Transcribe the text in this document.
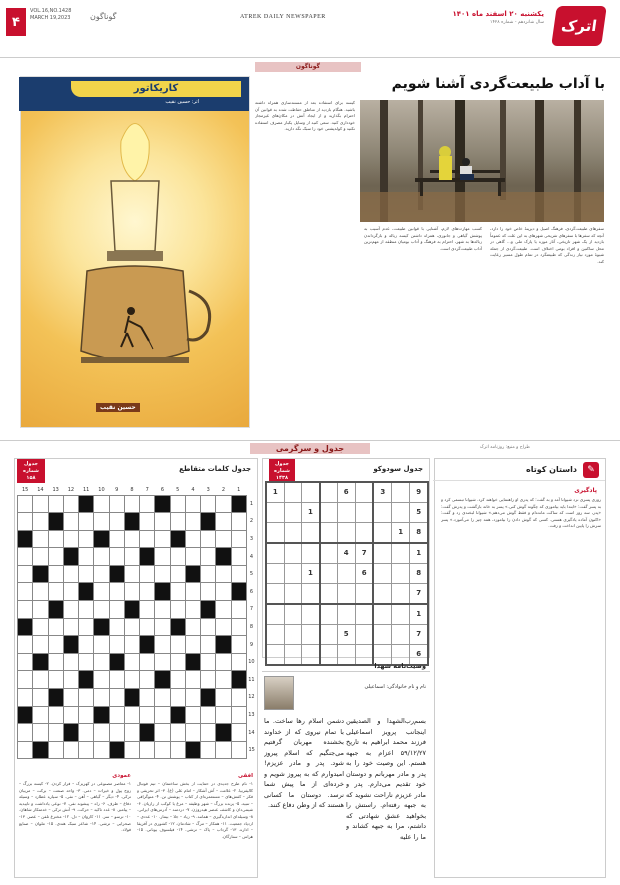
۴
VOL.16,NO.1428
MARCH 19,2023 گوناگون
اترک
یکشنبه ۲۰ اسفند ماه ۱۴۰۱
سال شانزدهم - شماره ۱۴۲۸
ATREK DAILY NEWSPAPER
گوناگون
با آداب طبیعت‌گردی آشنا شویم
سفرهای طبیعت‌گردی، فرهنگ اصیل و دیرینهٔ خاص خود را دارد، آنچه که سفرها با سفرهای تفریحی شهرهای به این علت که عموماً بازدید از یک شهر تاریخی، آثار موزه یا پارک ملی و... گاهی در محل ساکنین و افراد بومی اختلاف است. طبیعت‌گردی از جمله شیوهٔ مورد نیاز زندگی که طبیعتگرد در تمام طول مسیر رعایت کند.
کسب مهارت‌های لازم، آشنایی با قوانین طبیعت، عدم آسیب به پوشش گیاهی و جانوری، همراه داشتن کیسه زباله و بازگرداندن زباله‌ها به شهر، احترام به فرهنگ و آداب بومیان منطقه از مهم‌ترین آداب طبیعت‌گردی است.
کیسه برای استفاده بعد از مستندسازی همراه داشته باشید. هنگام بازدید از مناطق حفاظت شده به قوانین آن احترام بگذارید و از ایجاد آتش در مکان‌های غیرمجاز خودداری کنید. سعی کنید از وسایل یکبار مصرف استفاده نکنید و کوله‌پشتی خود را سبک نگه دارید.
کاریکاتور
اثر: حسین نقیب
حسین نقیب
جدول و سرگرمی	طراح و منبع: روزنامه اترک
✎
داستان کوتاه
پادگیری
روزی پسری نزد شیوانا آمد و به گفت: که پدری او راهنمایی خواهند کرد. شیوانا تبسمی کرد و به پسر گفت: «ابتدا باید بیاموزی که چگونه گوش کنی.» پسر به خانه بازگشت و پدرش گفت: «پدر، سه روز است که ساکت مانده‌ام و فقط گوش می‌دهم.» شیوانا لبخندی زد و گفت: «اکنون آماده یادگیری هستی. کسی که گوش دادن را بیاموزد، همه چیز را می‌آموزد.» پسر سرش را پایین انداخت و رفت.
جدول شماره ۱۴۳۸
جدول سودوکو
1				6		3		9
		1						5
							1	8
				4	7			1
		1			6			8
								7
								1
				5				7
								6
وصیت‌نامه شهدا
نام و نام خانوادگی: اسماعیلی
بسم‌رب‌الشهدا و الصدیقین اینجانب پرویز اسماعیلی فرزند محمد ابراهیم به تاریخ ۵۹/۱۲/۲۷ اعزام به جبهه هستم. این وصیت خود را به پدر و مادر مهربانم و دوستان خود تقدیم می‌دارم. پدر و مادر عزیزم ناراحت نشوید که به جبهه رفته‌ام. راستش را بخواهید عشق شهادتی که داشتم، مرا به جبهه کشاند و ما را علیه
دشمن اسلام رها ساخت. ما با تمام نیروی که از خداوند بخشنده مهربان گرفتیم می‌جنگیم که اسلام پیروز شود. پدر و مادر عزیزم! امیدوارم که به پیروز شویم و خرده‌ای از ما پیش شما نرسد. دوستان ما کسانی هستند که از وطن دفاع کنند.
جدول شماره ۱۵۸
جدول کلمات متقاطع
15	14	13	12	11	10	9	8	7	6	5	4	3	2	1	
															1
															2
															3
															4
															5
															6
															7
															8
															9
															10
															11
															12
															13
															14
															15
افقی
۱- نام طرح جدیدی در حمایت از بخش ساختمان – تیم فوتبال کالیفرنیا. ۲- علامت – آش آشکار – امام علی (ع). ۳- اثر تحریفی و فکر – کفش‌های – مستعمره‌ای از کتاب – پوشش تن. ۴- منوگرافی – تنبیه. ۵- پرنده بزرگ – شهر وظیفه – مرغ یا کوکب از رازیان. ۶- شیمی‌دان و کاشف عنصر هیدروژن. ۷- دردمند – آدرس‌های ایرانی. ۸- وسیله‌ای اندازه‌گیری – همانند. ۹- زیاد – جلا – بیمار. ۱۰- عددی – ازدیاد جمعیت. ۱۱- همکار – مرگ – شادمان. ۱۲- کشوری در آفریقا – اداره. ۱۳- گرداب – پاک – ترشی. ۱۴- فیلسوف یونانی. ۱۵- هراس – ستارگان.
عمودی
۱- معاصر مصنوعی در کهریزک – فرار کردن. ۲- کیسه بزرگ – زوج پول و خیرات – دمی. ۳- واحد صنعت – برکت – مربیان ترکی. ۴- دیگر – گیاهی – آهن – نفی. ۵- سیاره عطارد – وسیله دفاع – ظرف. ۶- راه – پیشوند نفی. ۷- نوعی یادداشت و تاییدیه – پیامبر. ۸- عدد تاکید – حرکت. ۹- آتش ترکی – خدمتکار شاهان. ۱۰- ترسو – سر. ۱۱- کاروان – دل. ۱۲- مخترع تلفن – عصر. ۱۳- صحرایی – ترشی. ۱۴- شاعر سبک هندی. ۱۵- ملوان – صنایع فولاد.
